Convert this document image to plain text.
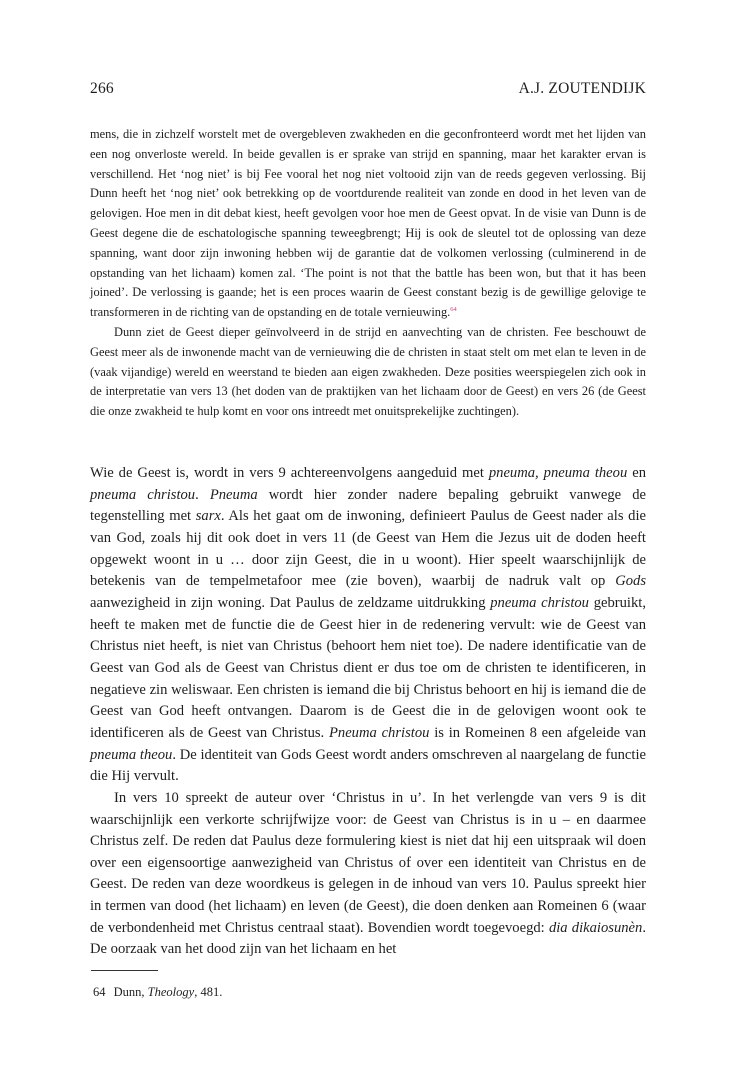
266	A.J. ZOUTENDIJK

mens, die in zichzelf worstelt met de overgebleven zwakheden en die geconfronteerd wordt met het lijden van een nog onverloste wereld. In beide gevallen is er sprake van strijd en spanning, maar het karakter ervan is verschillend. Het ‘nog niet’ is bij Fee vooral het nog niet voltooid zijn van de reeds gegeven verlossing. Bij Dunn heeft het ‘nog niet’ ook betrekking op de voortdurende realiteit van zonde en dood in het leven van de gelovigen. Hoe men in dit debat kiest, heeft gevolgen voor hoe men de Geest opvat. In de visie van Dunn is de Geest degene die de eschatologische spanning teweegbrengt; Hij is ook de sleutel tot de oplossing van deze spanning, want door zijn inwoning hebben wij de garantie dat de volkomen verlossing (culminerend in de opstanding van het lichaam) komen zal. ‘The point is not that the battle has been won, but that it has been joined’. De verlossing is gaande; het is een proces waarin de Geest constant bezig is de gewillige gelovige te transformeren in de richting van de opstanding en de totale vernieuwing.$^{64}$

Dunn ziet de Geest dieper geïnvolveerd in de strijd en aanvechting van de christen. Fee beschouwt de Geest meer als de inwonende macht van de vernieuwing die de christen in staat stelt om met elan te leven in de (vaak vijandige) wereld en weerstand te bieden aan eigen zwakheden. Deze posities weerspiegelen zich ook in de interpretatie van vers 13 (het doden van de praktijken van het lichaam door de Geest) en vers 26 (de Geest die onze zwakheid te hulp komt en voor ons intreedt met onuitsprekelijke zuchtingen).

Wie de Geest is, wordt in vers 9 achtereenvolgens aangeduid met pneuma, pneuma theou en pneuma christou. Pneuma wordt hier zonder nadere bepaling gebruikt vanwege de tegenstelling met sarx. Als het gaat om de inwoning, definieert Paulus de Geest nader als die van God, zoals hij dit ook doet in vers 11 (de Geest van Hem die Jezus uit de doden heeft opgewekt woont in u … door zijn Geest, die in u woont). Hier speelt waarschijnlijk de betekenis van de tempelmetafoor mee (zie boven), waarbij de nadruk valt op Gods aanwezigheid in zijn woning. Dat Paulus de zeldzame uitdrukking pneuma christou gebruikt, heeft te maken met de functie die de Geest hier in de redenering vervult: wie de Geest van Christus niet heeft, is niet van Christus (behoort hem niet toe). De nadere identificatie van de Geest van God als de Geest van Christus dient er dus toe om de christen te identificeren, in negatieve zin weliswaar. Een christen is iemand die bij Christus behoort en hij is iemand die de Geest van God heeft ontvangen. Daarom is de Geest die in de gelovigen woont ook te identificeren als de Geest van Christus. Pneuma christou is in Romeinen 8 een afgeleide van pneuma theou. De identiteit van Gods Geest wordt anders omschreven al naargelang de functie die Hij vervult.

In vers 10 spreekt de auteur over ‘Christus in u’. In het verlengde van vers 9 is dit waarschijnlijk een verkorte schrijfwijze voor: de Geest van Christus is in u – en daarmee Christus zelf. De reden dat Paulus deze formulering kiest is niet dat hij een uitspraak wil doen over een eigensoortige aanwezigheid van Christus of over een identiteit van Christus en de Geest. De reden van deze woordkeus is gelegen in de inhoud van vers 10. Paulus spreekt hier in termen van dood (het lichaam) en leven (de Geest), die doen denken aan Romeinen 6 (waar de verbondenheid met Christus centraal staat). Bovendien wordt toegevoegd: dia dikaiosunèn. De oorzaak van het dood zijn van het lichaam en het

64 Dunn, Theology, 481.
